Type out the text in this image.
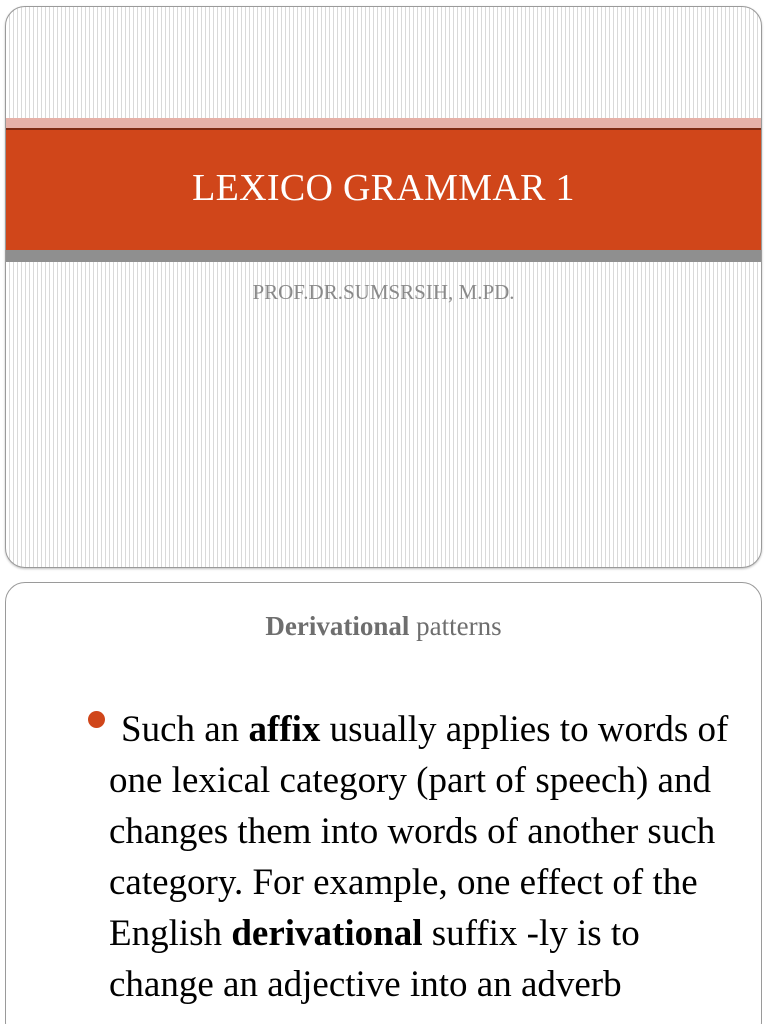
LEXICO GRAMMAR 1
PROF.DR.SUMSRSIH, M.PD.
Derivational patterns
Such an affix usually applies to words of one lexical category (part of speech) and changes them into words of another such category. For example, one effect of the English derivational suffix -ly is to change an adjective into an adverb
